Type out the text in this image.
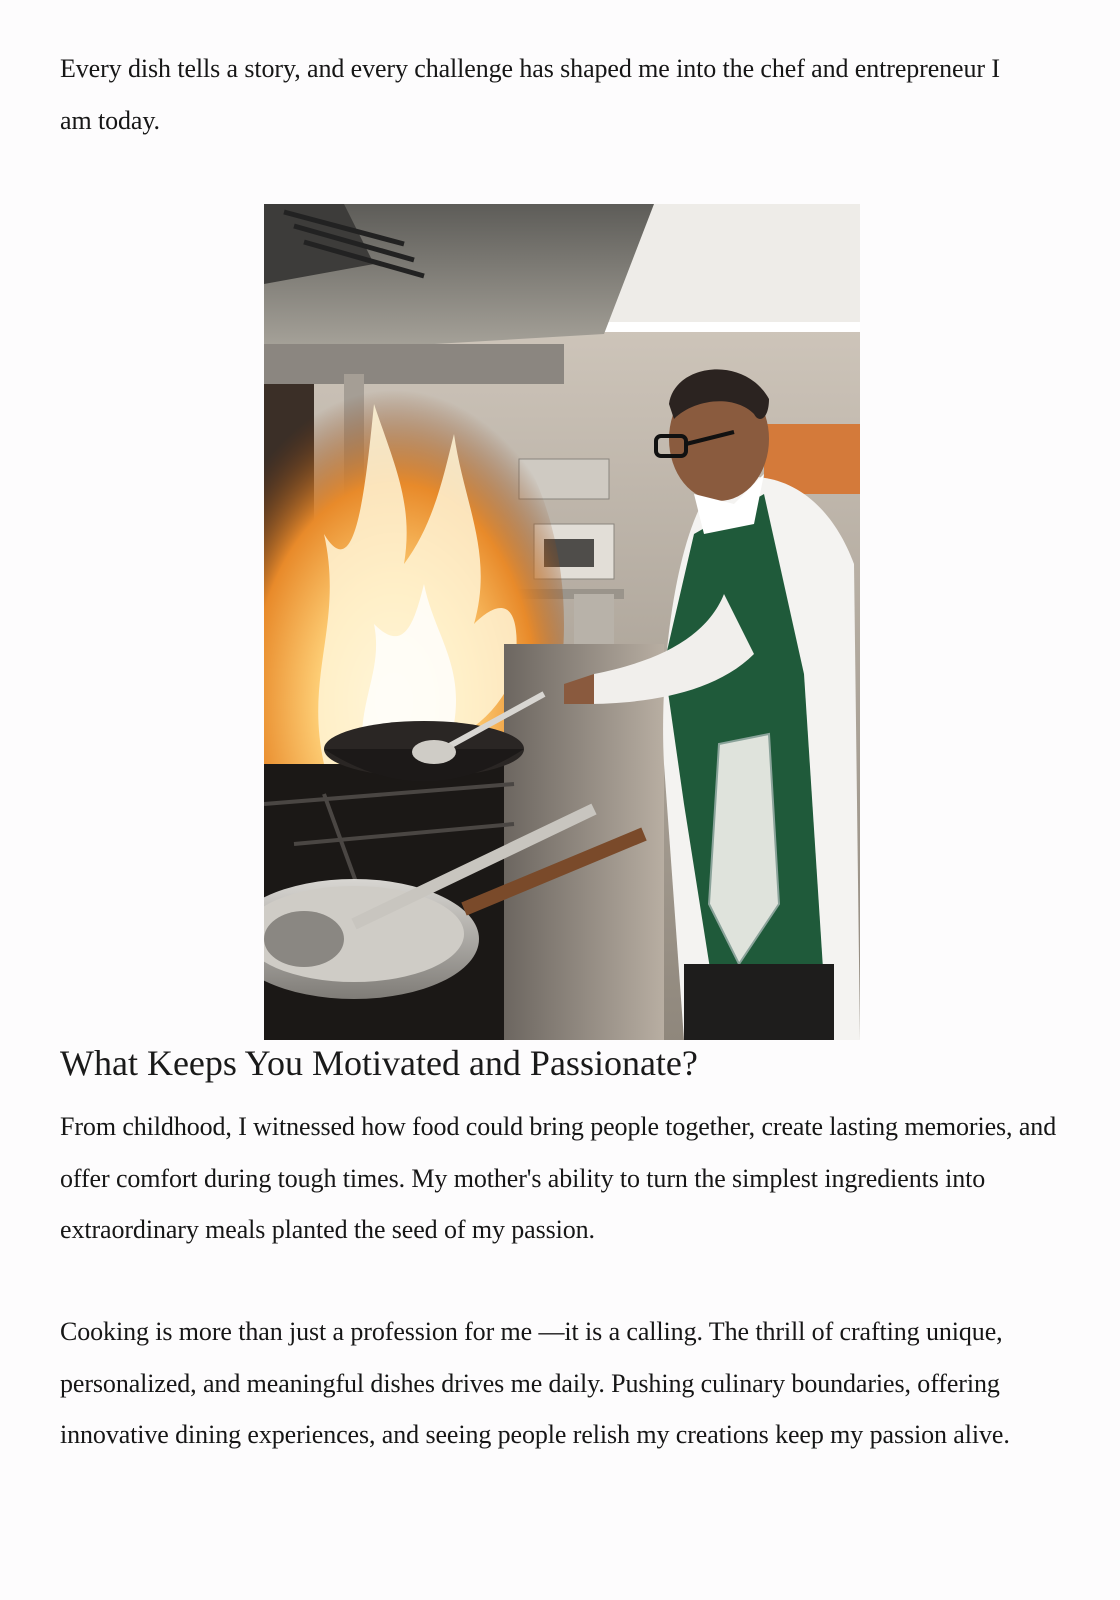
Every dish tells a story, and every challenge has shaped me into the chef and entrepreneur I am today.

What Keeps You Motivated and Passionate?

From childhood, I witnessed how food could bring people together, create lasting memories, and offer comfort during tough times. My mother's ability to turn the simplest ingredients into extraordinary meals planted the seed of my passion.

Cooking is more than just a profession for me —it is a calling. The thrill of crafting unique, personalized, and meaningful dishes drives me daily. Pushing culinary boundaries, offering innovative dining experiences, and seeing people relish my creations keep my passion alive.
